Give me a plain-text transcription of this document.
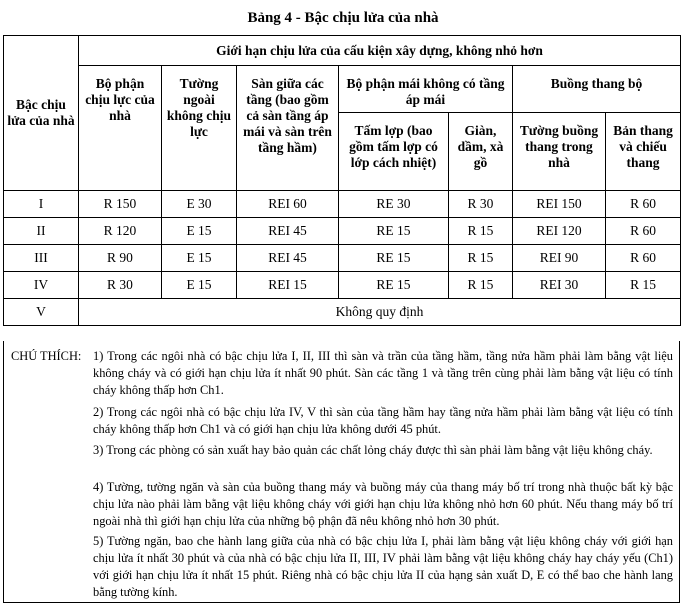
Bảng 4 - Bậc chịu lửa của nhà
Bậc chịu lửa của nhà	Giới hạn chịu lửa của cấu kiện xây dựng, không nhỏ hơn						
	Bộ phận chịu lực của nhà	Tường ngoài không chịu lực	Sàn giữa các tầng (bao gồm cả sàn tầng áp mái và sàn trên tầng hầm)	Bộ phận mái không có tầng áp mái		Buồng thang bộ	
				Tấm lợp (bao gồm tấm lợp có lớp cách nhiệt)	Giàn, dầm, xà gồ	Tường buồng thang trong nhà	Bản thang và chiếu thang
I	R 150	E 30	REI 60	RE 30	R 30	REI 150	R 60
II	R 120	E 15	REI 45	RE 15	R 15	REI 120	R 60
III	R 90	E 15	REI 45	RE 15	R 15	REI 90	R 60
IV	R 30	E 15	REI 15	RE 15	R 15	REI 30	R 15
V	Không quy định						
CHÚ THÍCH: 1) Trong các ngôi nhà có bậc chịu lửa I, II, III thì sàn và trần của tầng hầm, tầng nửa hầm phải làm bằng vật liệu không cháy và có giới hạn chịu lửa ít nhất 90 phút. Sàn các tầng 1 và tầng trên cùng phải làm bằng vật liệu có tính cháy không thấp hơn Ch1.
2) Trong các ngôi nhà có bậc chịu lửa IV, V thì sàn của tầng hầm hay tầng nửa hầm phải làm bằng vật liệu có tính cháy không thấp hơn Ch1 và có giới hạn chịu lửa không dưới 45 phút.
3) Trong các phòng có sản xuất hay bảo quản các chất lỏng cháy được thì sàn phải làm bằng vật liệu không cháy.
4) Tường, tường ngăn và sàn của buồng thang máy và buồng máy của thang máy bố trí trong nhà thuộc bất kỳ bậc chịu lửa nào phải làm bằng vật liệu không cháy với giới hạn chịu lửa không nhỏ hơn 60 phút. Nếu thang máy bố trí ngoài nhà thì giới hạn chịu lửa của những bộ phận đã nêu không nhỏ hơn 30 phút.
5) Tường ngăn, bao che hành lang giữa của nhà có bậc chịu lửa I, phải làm bằng vật liệu không cháy với giới hạn chịu lửa ít nhất 30 phút và của nhà có bậc chịu lửa II, III, IV phải làm bằng vật liệu không cháy hay cháy yếu (Ch1) với giới hạn chịu lửa ít nhất 15 phút. Riêng nhà có bậc chịu lửa II của hạng sản xuất D, E có thể bao che hành lang bằng tường kính.
